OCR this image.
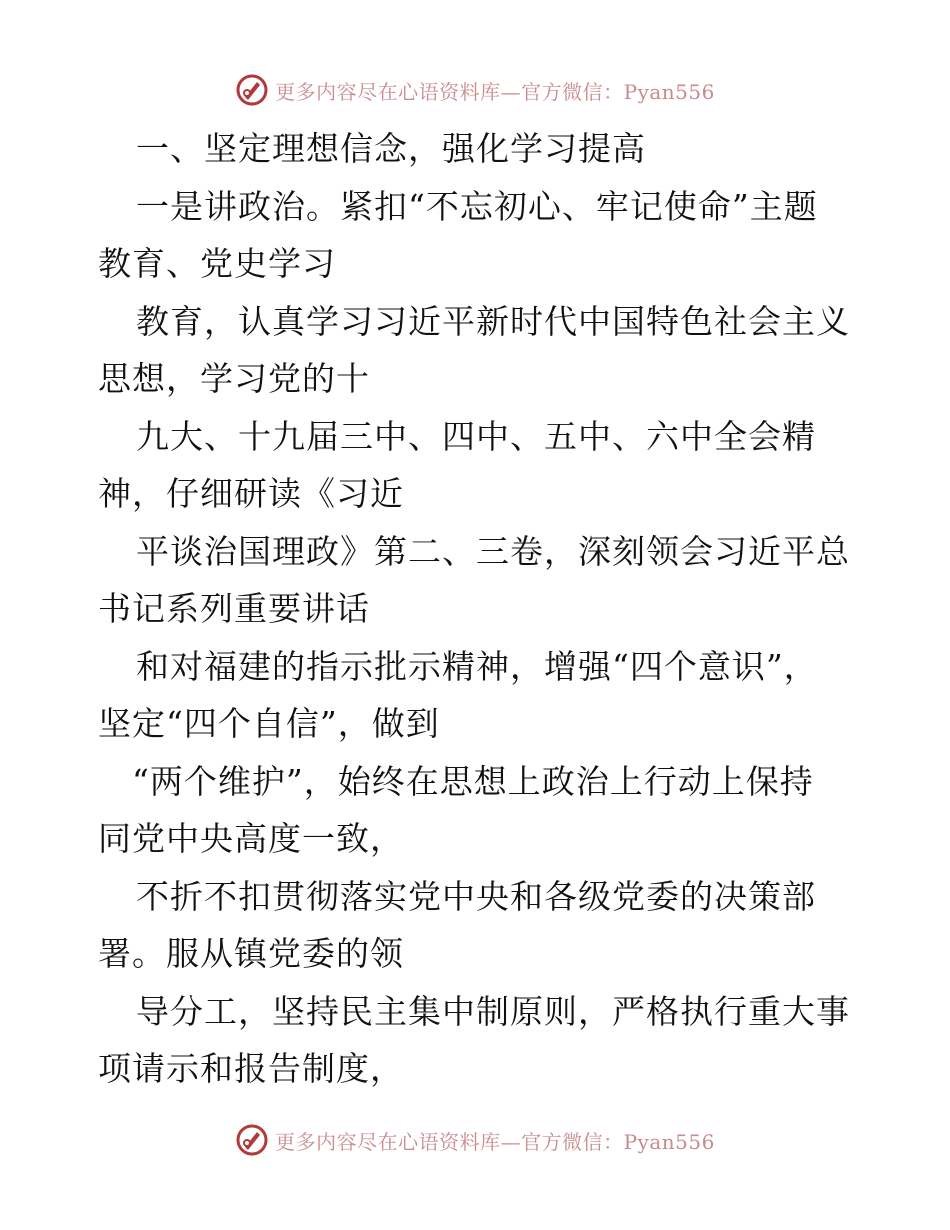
更多内容尽在心语资料库—官方微信：Pyan556
一、坚定理想信念，强化学习提高
一是讲政治。紧扣“不忘初心、牢记使命”主题
教育、党史学习
教育，认真学习习近平新时代中国特色社会主义
思想，学习党的十
九大、十九届三中、四中、五中、六中全会精
神，仔细研读《习近
平谈治国理政》第二、三卷，深刻领会习近平总
书记系列重要讲话
和对福建的指示批示精神，增强“四个意识”，
坚定“四个自信”，做到
“两个维护”，始终在思想上政治上行动上保持
同党中央高度一致，
不折不扣贯彻落实党中央和各级党委的决策部
署。服从镇党委的领
导分工，坚持民主集中制原则，严格执行重大事
项请示和报告制度，
更多内容尽在心语资料库—官方微信：Pyan556
